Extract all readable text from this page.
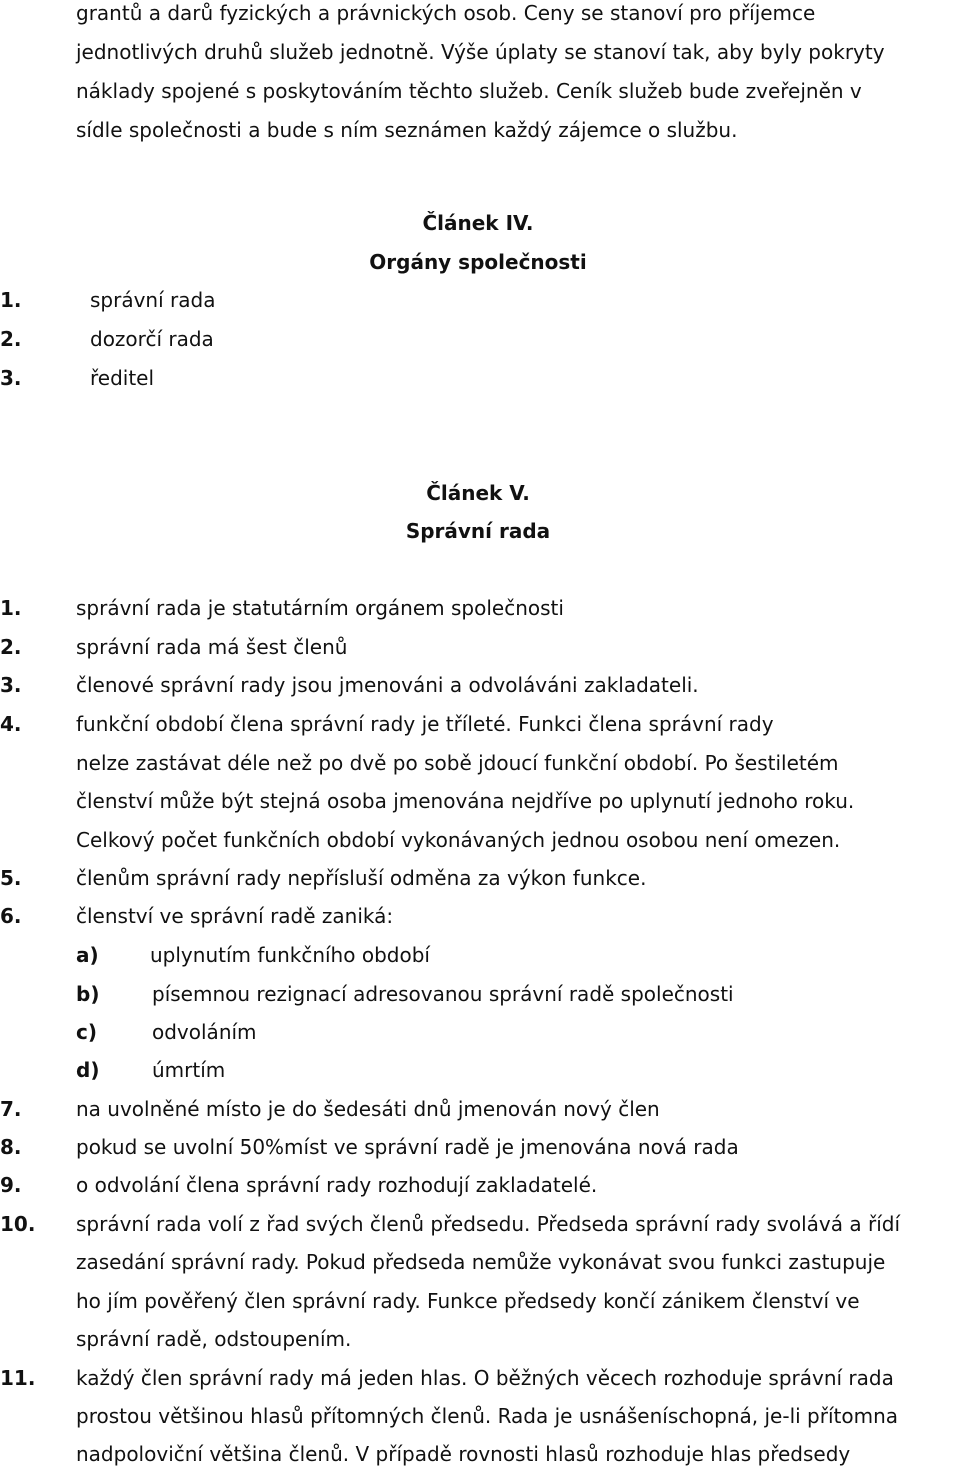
grantů a darů fyzických a právnických osob. Ceny se stanoví pro příjemce
jednotlivých druhů služeb jednotně. Výše úplaty se stanoví tak, aby byly pokryty
náklady spojené s poskytováním těchto služeb. Ceník služeb bude zveřejněn v
sídle společnosti a bude s ním seznámen každý zájemce o službu.
Článek IV.
Orgány společnosti
1.	správní rada
2.	dozorčí rada
3.	ředitel
Článek V.
Správní rada
1.	správní rada je statutárním orgánem společnosti
2.	správní rada má šest členů
3.	členové správní rady jsou jmenováni a odvoláváni zakladateli.
4.	funkční období člena správní rady je tříleté. Funkci člena správní rady
nelze zastávat déle než po dvě po sobě jdoucí funkční období. Po šestiletém
členství může být stejná osoba jmenována nejdříve po uplynutí jednoho roku.
Celkový počet funkčních období vykonávaných jednou osobou není omezen.
5.	členům správní rady nepřísluší odměna za výkon funkce.
6.	členství ve správní radě zaniká:
a)	uplynutím funkčního období
b)	písemnou rezignací adresovanou správní radě společnosti
c)	odvoláním
d)	úmrtím
7.	na uvolněné místo je do šedesáti dnů jmenován nový člen
8.	pokud se uvolní 50%míst ve správní radě je jmenována nová rada
9.	o odvolání člena správní rady rozhodují zakladatelé.
10. správní rada volí z řad svých členů předsedu. Předseda správní rady svolává a řídí
zasedání správní rady. Pokud předseda nemůže vykonávat svou funkci zastupuje
ho jím pověřený člen správní rady. Funkce předsedy končí zánikem členství ve
správní radě, odstoupením.
11. každý člen správní rady má jeden hlas. O běžných věcech rozhoduje správní rada
prostou většinou hlasů přítomných členů. Rada je usnášeníschopná, je-li přítomna
nadpoloviční většina členů. V případě rovnosti hlasů rozhoduje hlas předsedy
